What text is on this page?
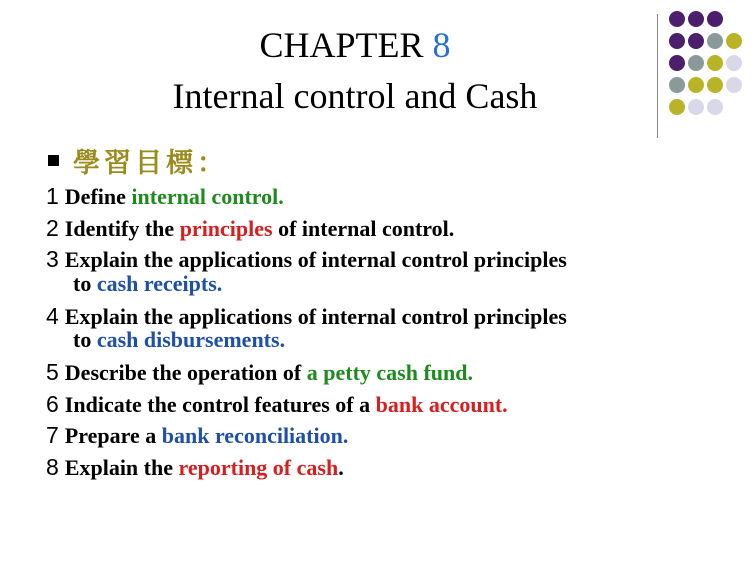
CHAPTER 8
Internal control and Cash
學習目標：
1 Define internal control.
2 Identify the principles of internal control.
3 Explain the applications of internal control principles
to cash receipts.
4 Explain the applications of internal control principles
to cash disbursements.
5 Describe the operation of a petty cash fund.
6 Indicate the control features of a bank account.
7 Prepare a bank reconciliation.
8 Explain the reporting of cash.
